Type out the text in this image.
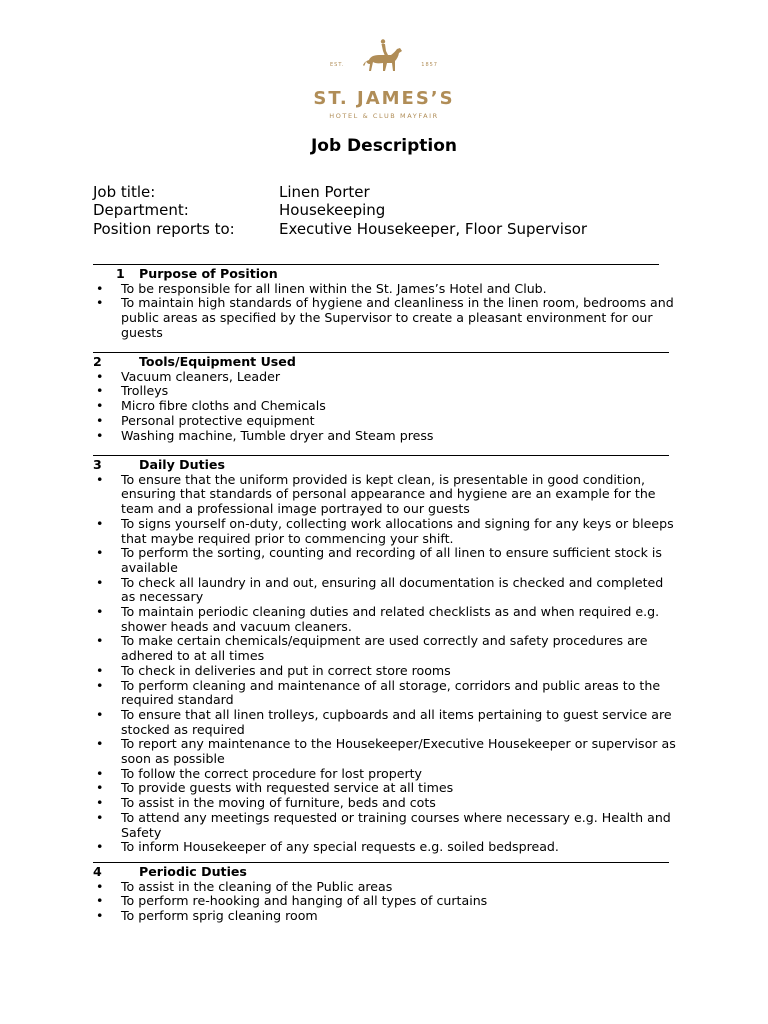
EST.	1857
ST. JAMES’S
HOTEL & CLUB MAYFAIR
Job Description
Job title:	Linen Porter
Department:	Housekeeping
Position reports to:	Executive Housekeeper, Floor Supervisor
1	Purpose of Position
• To be responsible for all linen within the St. James’s Hotel and Club.
• To maintain high standards of hygiene and cleanliness in the linen room, bedrooms and public areas as specified by the Supervisor to create a pleasant environment for our guests
2	Tools/Equipment Used
• Vacuum cleaners, Leader
• Trolleys
• Micro fibre cloths and Chemicals
• Personal protective equipment
• Washing machine, Tumble dryer and Steam press
3	Daily Duties
• To ensure that the uniform provided is kept clean, is presentable in good condition, ensuring that standards of personal appearance and hygiene are an example for the team and a professional image portrayed to our guests
• To signs yourself on-duty, collecting work allocations and signing for any keys or bleeps that maybe required prior to commencing your shift.
• To perform the sorting, counting and recording of all linen to ensure sufficient stock is available
• To check all laundry in and out, ensuring all documentation is checked and completed as necessary
• To maintain periodic cleaning duties and related checklists as and when required e.g. shower heads and vacuum cleaners.
• To make certain chemicals/equipment are used correctly and safety procedures are adhered to at all times
• To check in deliveries and put in correct store rooms
• To perform cleaning and maintenance of all storage, corridors and public areas to the required standard
• To ensure that all linen trolleys, cupboards and all items pertaining to guest service are stocked as required
• To report any maintenance to the Housekeeper/Executive Housekeeper or supervisor as soon as possible
• To follow the correct procedure for lost property
• To provide guests with requested service at all times
• To assist in the moving of furniture, beds and cots
• To attend any meetings requested or training courses where necessary e.g. Health and Safety
• To inform Housekeeper of any special requests e.g. soiled bedspread.
4	Periodic Duties
• To assist in the cleaning of the Public areas
• To perform re-hooking and hanging of all types of curtains
• To perform sprig cleaning room
